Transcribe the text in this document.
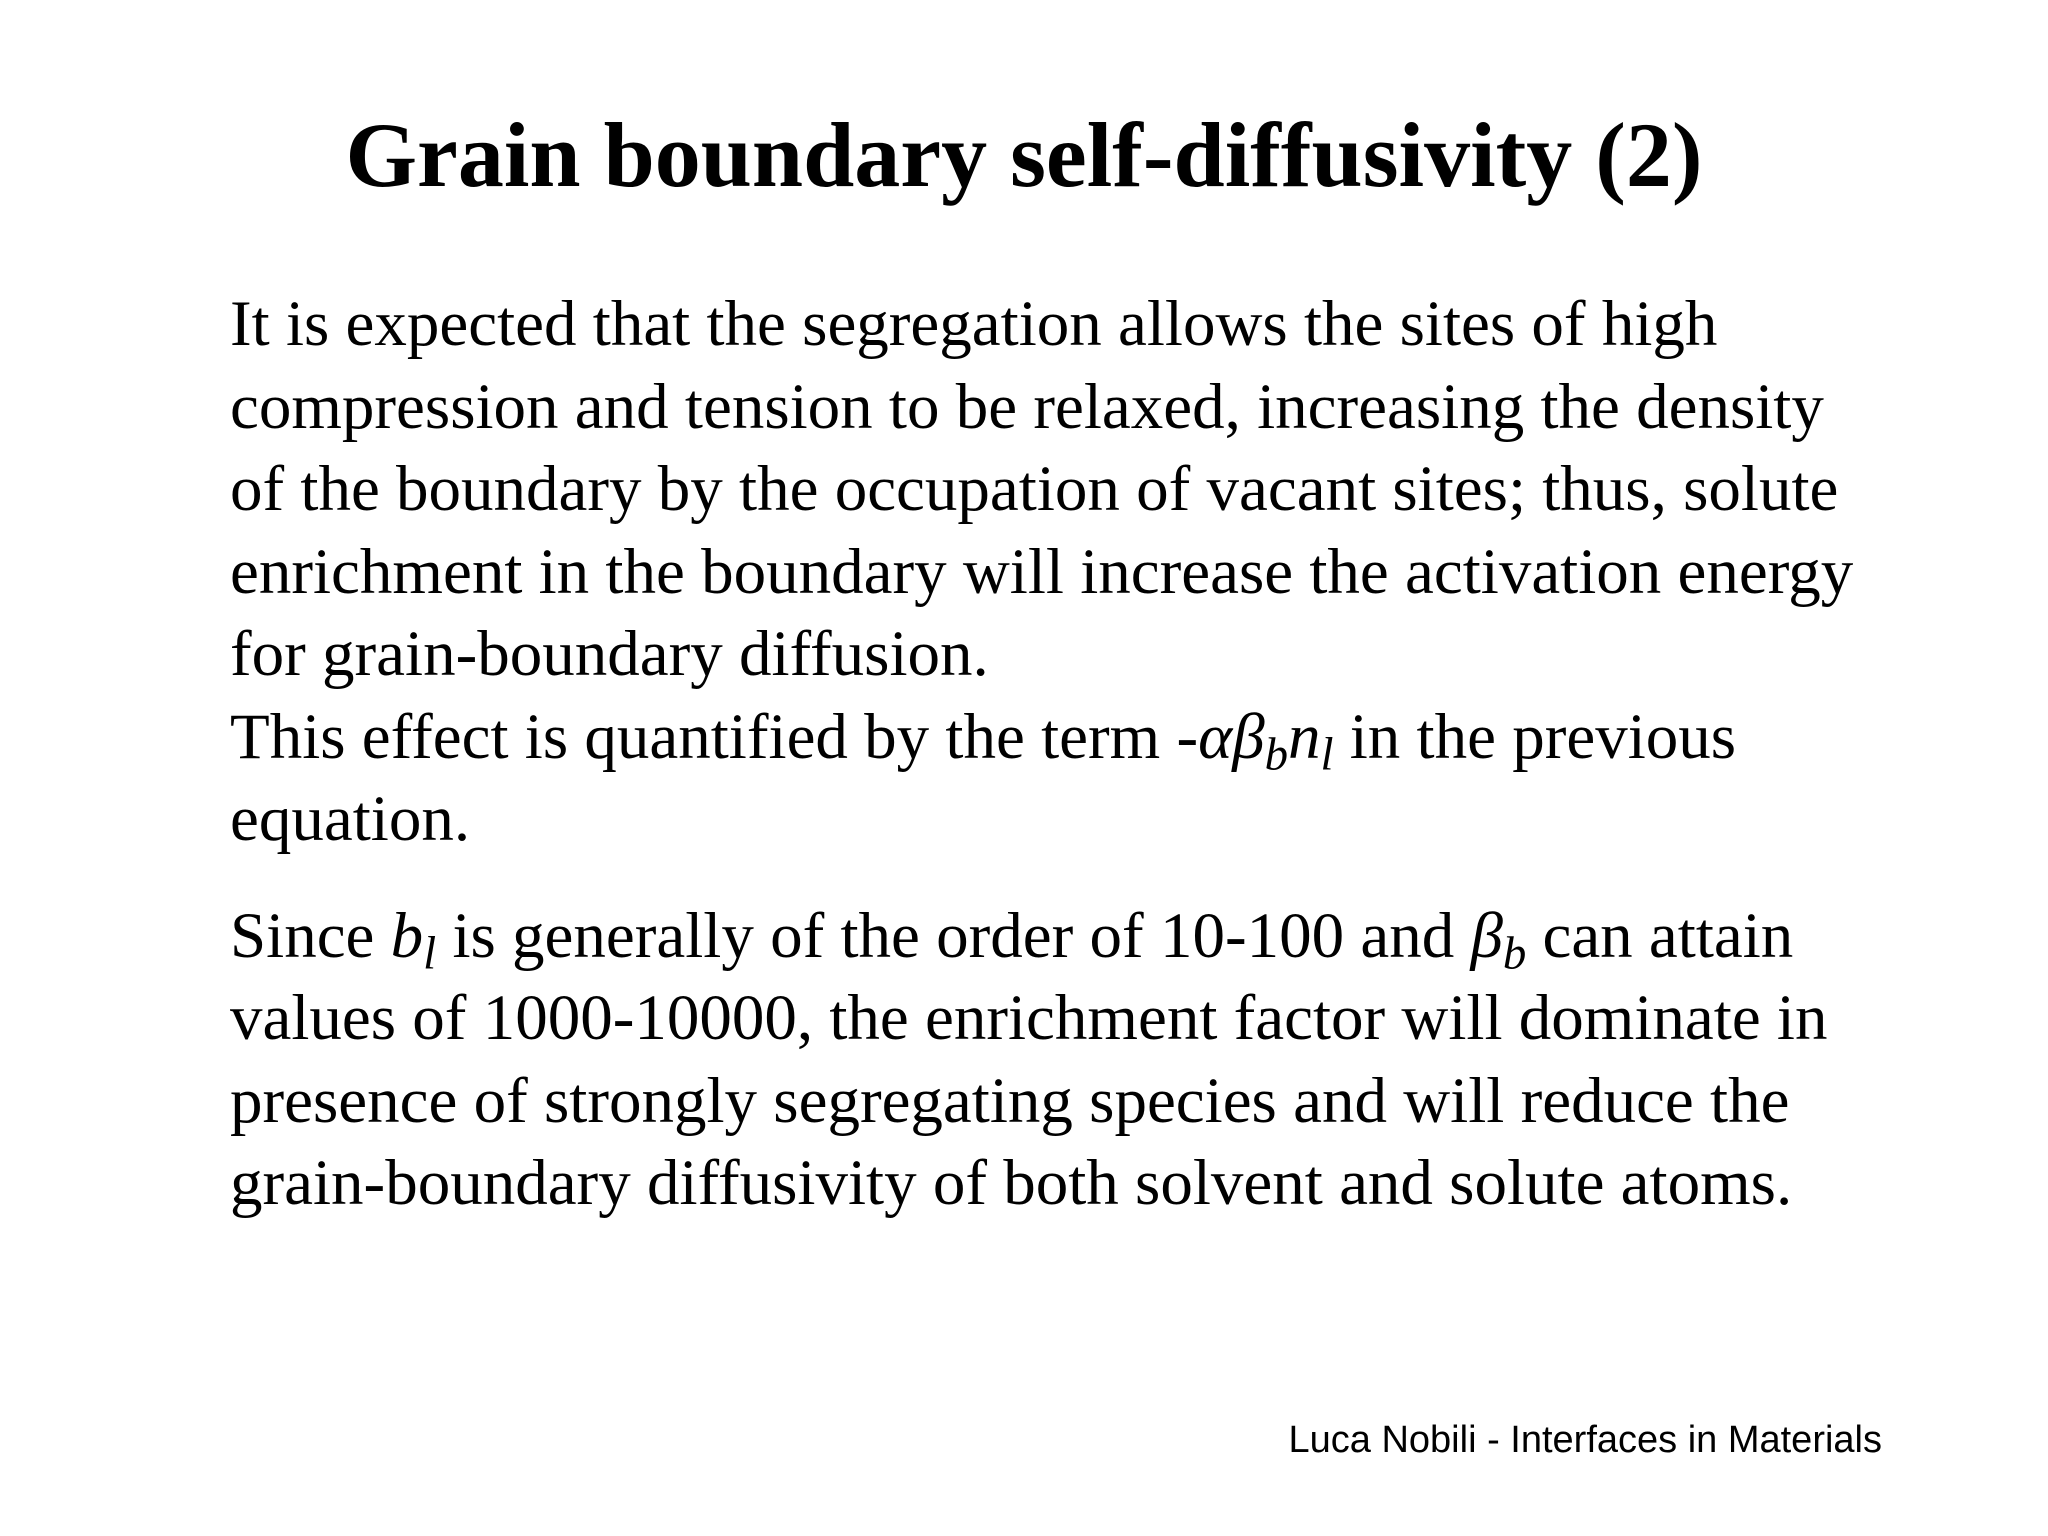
Grain boundary self-diffusivity (2)

It is expected that the segregation allows the sites of high compression and tension to be relaxed, increasing the density of the boundary by the occupation of vacant sites; thus, solute enrichment in the boundary will increase the activation energy for grain-boundary diffusion.
This effect is quantified by the term $-\alpha\beta_bn_l$ in the previous equation.

Since $b_l$ is generally of the order of 10-100 and $\beta_b$ can attain values of 1000-10000, the enrichment factor will dominate in presence of strongly segregating species and will reduce the grain-boundary diffusivity of both solvent and solute atoms.

Luca Nobili - Interfaces in Materials
